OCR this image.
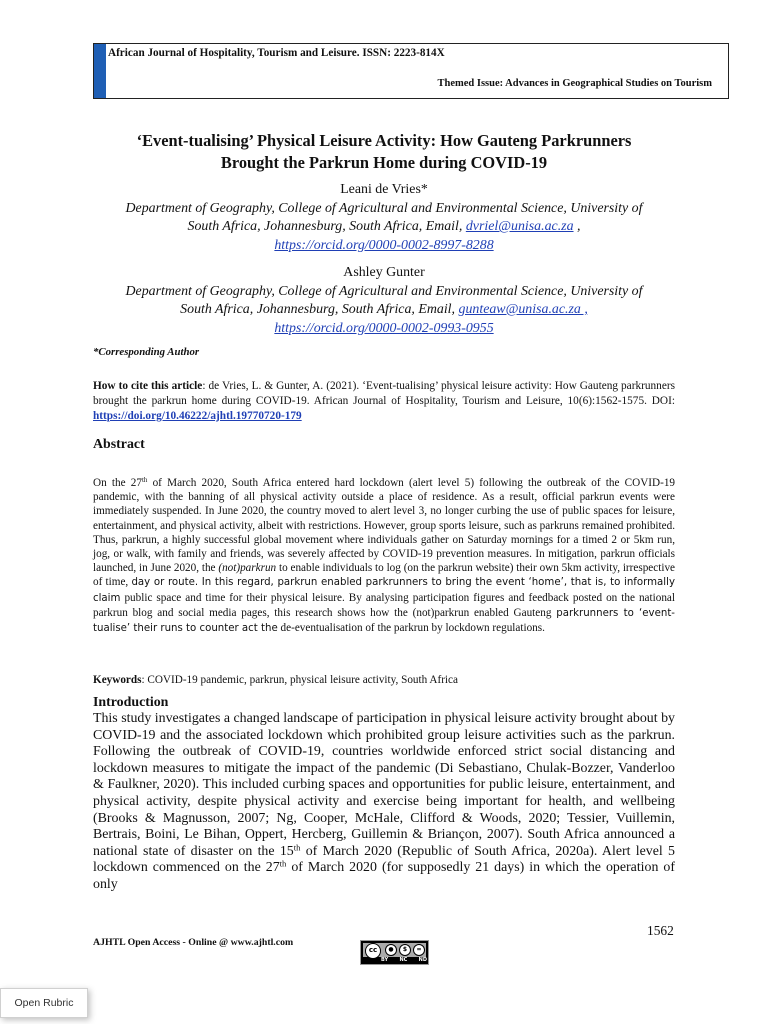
African Journal of Hospitality, Tourism and Leisure. ISSN: 2223-814X
Themed Issue: Advances in Geographical Studies on Tourism
‘Event-tualising’ Physical Leisure Activity: How Gauteng Parkrunners
Brought the Parkrun Home during COVID-19
Leani de Vries*
Department of Geography, College of Agricultural and Environmental Science, University of
South Africa, Johannesburg, South Africa, Email, dvriel@unisa.ac.za ,
https://orcid.org/0000-0002-8997-8288
Ashley Gunter
Department of Geography, College of Agricultural and Environmental Science, University of
South Africa, Johannesburg, South Africa, Email, gunteaw@unisa.ac.za ,
https://orcid.org/0000-0002-0993-0955
*Corresponding Author
How to cite this article: de Vries, L. & Gunter, A. (2021). ‘Event-tualising’ physical leisure activity: How Gauteng parkrunners brought the parkrun home during COVID-19. African Journal of Hospitality, Tourism and Leisure, 10(6):1562-1575. DOI: https://doi.org/10.46222/ajhtl.19770720-179
Abstract
On the 27th of March 2020, South Africa entered hard lockdown (alert level 5) following the outbreak of the COVID-19 pandemic, with the banning of all physical activity outside a place of residence. As a result, official parkrun events were immediately suspended. In June 2020, the country moved to alert level 3, no longer curbing the use of public spaces for leisure, entertainment, and physical activity, albeit with restrictions. However, group sports leisure, such as parkruns remained prohibited. Thus, parkrun, a highly successful global movement where individuals gather on Saturday mornings for a timed 2 or 5km run, jog, or walk, with family and friends, was severely affected by COVID-19 prevention measures. In mitigation, parkrun officials launched, in June 2020, the (not)parkrun to enable individuals to log (on the parkrun website) their own 5km activity, irrespective of time, day or route. In this regard, parkrun enabled parkrunners to bring the event ‘home’, that is, to informally claim public space and time for their physical leisure. By analysing participation figures and feedback posted on the national parkrun blog and social media pages, this research shows how the (not)parkrun enabled Gauteng parkrunners to ‘event-tualise’ their runs to counter act the de-eventualisation of the parkrun by lockdown regulations.
Keywords: COVID-19 pandemic, parkrun, physical leisure activity, South Africa
Introduction
This study investigates a changed landscape of participation in physical leisure activity brought about by COVID-19 and the associated lockdown which prohibited group leisure activities such as the parkrun. Following the outbreak of COVID-19, countries worldwide enforced strict social distancing and lockdown measures to mitigate the impact of the pandemic (Di Sebastiano, Chulak-Bozzer, Vanderloo & Faulkner, 2020). This included curbing spaces and opportunities for public leisure, entertainment, and physical activity, despite physical activity and exercise being important for health, and wellbeing (Brooks & Magnusson, 2007; Ng, Cooper, McHale, Clifford & Woods, 2020; Tessier, Vuillemin, Bertrais, Boini, Le Bihan, Oppert, Hercberg, Guillemin & Briançon, 2007). South Africa announced a national state of disaster on the 15th of March 2020 (Republic of South Africa, 2020a). Alert level 5 lockdown commenced on the 27th of March 2020 (for supposedly 21 days) in which the operation of only
1562
AJHTL Open Access - Online @ www.ajhtl.com
cc	●	$	=
BY NC ND
Open Rubric
